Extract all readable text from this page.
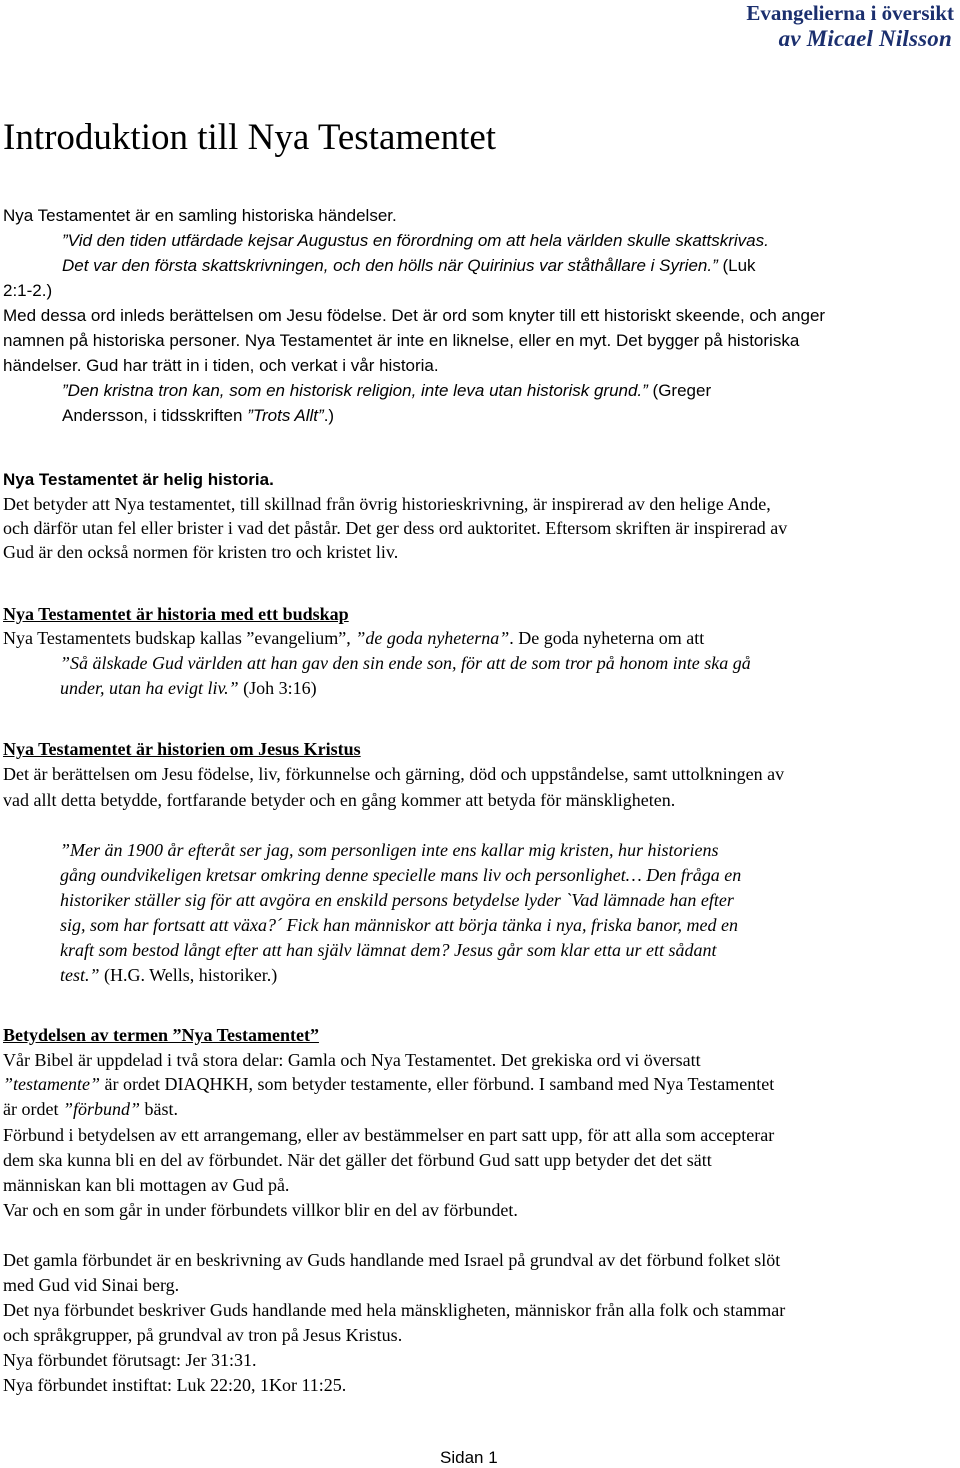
Evangelierna i översikt
av Micael Nilsson
Introduktion till Nya Testamentet
Nya Testamentet är en samling historiska händelser.
”Vid den tiden utfärdade kejsar Augustus en förordning om att hela världen skulle skattskrivas.
Det var den första skattskrivningen, och den hölls när Quirinius var ståthållare i Syrien.” (Luk
2:1-2.)
Med dessa ord inleds berättelsen om Jesu födelse. Det är ord som knyter till ett historiskt skeende, och anger
namnen på historiska personer. Nya Testamentet är inte en liknelse, eller en myt. Det bygger på historiska
händelser. Gud har trätt in i tiden, och verkat i vår historia.
”Den kristna tron kan, som en historisk religion, inte leva utan historisk grund.” (Greger
Andersson, i tidsskriften ”Trots Allt”.)
Nya Testamentet är helig historia.
Det betyder att Nya testamentet, till skillnad från övrig historieskrivning, är inspirerad av den helige Ande,
och därför utan fel eller brister i vad det påstår. Det ger dess ord auktoritet. Eftersom skriften är inspirerad av
Gud är den också normen för kristen tro och kristet liv.
Nya Testamentet är historia med ett budskap
Nya Testamentets budskap kallas ”evangelium”, ”de goda nyheterna”. De goda nyheterna om att
”Så älskade Gud världen att han gav den sin ende son, för att de som tror på honom inte ska gå
under, utan ha evigt liv.” (Joh 3:16)
Nya Testamentet är historien om Jesus Kristus
Det är berättelsen om Jesu födelse, liv, förkunnelse och gärning, död och uppståndelse, samt uttolkningen av
vad allt detta betydde, fortfarande betyder och en gång kommer att betyda för mänskligheten.
”Mer än 1900 år efteråt ser jag, som personligen inte ens kallar mig kristen, hur historiens
gång oundvikeligen kretsar omkring denne specielle mans liv och personlighet… Den fråga en
historiker ställer sig för att avgöra en enskild persons betydelse lyder `Vad lämnade han efter
sig, som har fortsatt att växa?´ Fick han människor att börja tänka i nya, friska banor, med en
kraft som bestod långt efter att han själv lämnat dem? Jesus går som klar etta ur ett sådant
test.” (H.G. Wells, historiker.)
Betydelsen av termen ”Nya Testamentet”
Vår Bibel är uppdelad i två stora delar: Gamla och Nya Testamentet. Det grekiska ord vi översatt
”testamente” är ordet DIAQHKH, som betyder testamente, eller förbund. I samband med Nya Testamentet
är ordet ”förbund” bäst.
Förbund i betydelsen av ett arrangemang, eller av bestämmelser en part satt upp, för att alla som accepterar
dem ska kunna bli en del av förbundet. När det gäller det förbund Gud satt upp betyder det det sätt
människan kan bli mottagen av Gud på.
Var och en som går in under förbundets villkor blir en del av förbundet.
Det gamla förbundet är en beskrivning av Guds handlande med Israel på grundval av det förbund folket slöt
med Gud vid Sinai berg.
Det nya förbundet beskriver Guds handlande med hela mänskligheten, människor från alla folk och stammar
och språkgrupper, på grundval av tron på Jesus Kristus.
Nya förbundet förutsagt: Jer 31:31.
Nya förbundet instiftat: Luk 22:20, 1Kor 11:25.
Sidan 1
